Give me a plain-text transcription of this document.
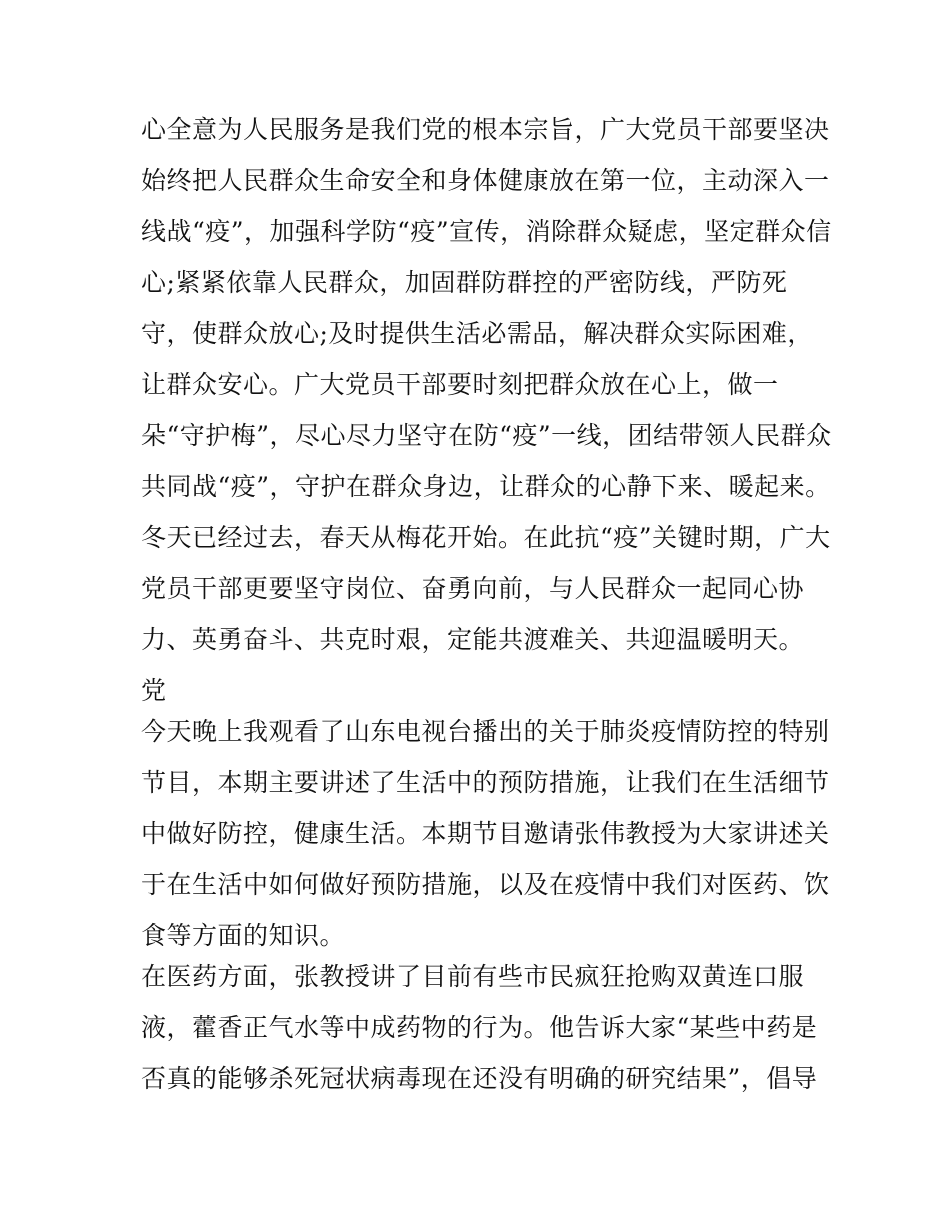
心全意为人民服务是我们党的根本宗旨，广大党员干部要坚决
始终把人民群众生命安全和身体健康放在第一位，主动深入一
线战“疫”，加强科学防“疫”宣传，消除群众疑虑，坚定群众信
心;紧紧依靠人民群众，加固群防群控的严密防线，严防死
守，使群众放心;及时提供生活必需品，解决群众实际困难，
让群众安心。广大党员干部要时刻把群众放在心上，做一
朵“守护梅”，尽心尽力坚守在防“疫”一线，团结带领人民群众
共同战“疫”，守护在群众身边，让群众的心静下来、暖起来。
冬天已经过去，春天从梅花开始。在此抗“疫”关键时期，广大
党员干部更要坚守岗位、奋勇向前，与人民群众一起同心协
力、英勇奋斗、共克时艰，定能共渡难关、共迎温暖明天。
党
今天晚上我观看了山东电视台播出的关于肺炎疫情防控的特别
节目，本期主要讲述了生活中的预防措施，让我们在生活细节
中做好防控，健康生活。本期节目邀请张伟教授为大家讲述关
于在生活中如何做好预防措施，以及在疫情中我们对医药、饮
食等方面的知识。
在医药方面，张教授讲了目前有些市民疯狂抢购双黄连口服
液，藿香正气水等中成药物的行为。他告诉大家“某些中药是
否真的能够杀死冠状病毒现在还没有明确的研究结果”，倡导
